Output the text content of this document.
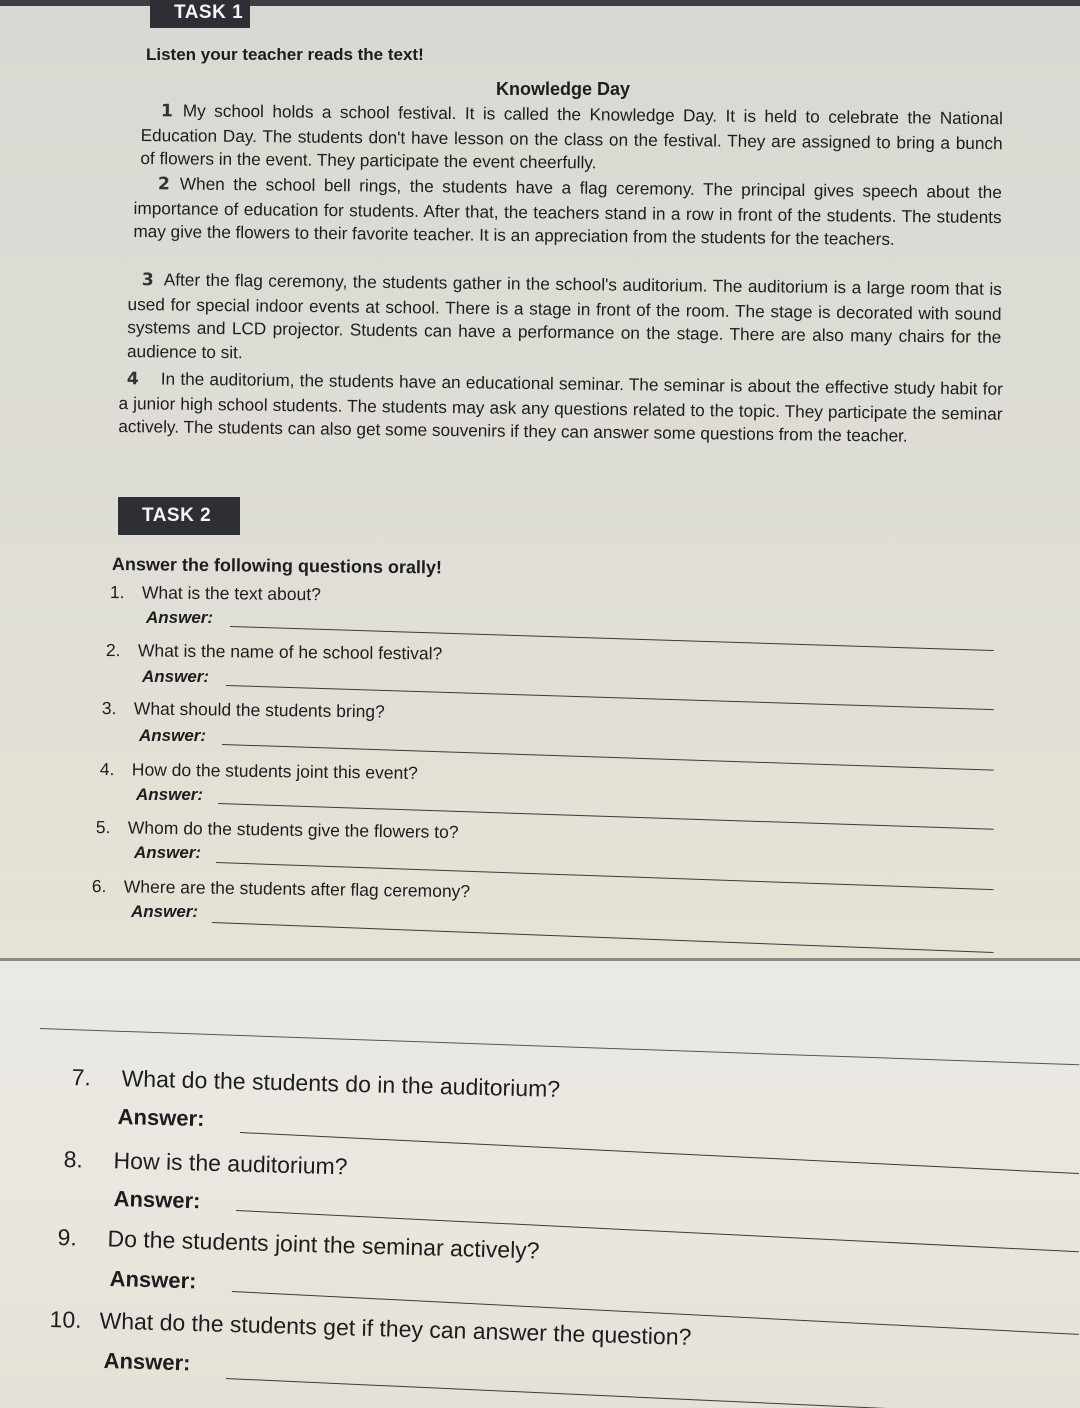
TASK 1
Listen your teacher reads the text!
Knowledge Day
1 My school holds a school festival. It is called the Knowledge Day. It is held to celebrate the National Education Day. The students don't have lesson on the class on the festival. They are assigned to bring a bunch of flowers in the event. They participate the event cheerfully.
2 When the school bell rings, the students have a flag ceremony. The principal gives speech about the importance of education for students. After that, the teachers stand in a row in front of the students. The students may give the flowers to their favorite teacher. It is an appreciation from the students for the teachers.
3 After the flag ceremony, the students gather in the school's auditorium. The auditorium is a large room that is used for special indoor events at school. There is a stage in front of the room. The stage is decorated with sound systems and LCD projector. Students can have a performance on the stage. There are also many chairs for the audience to sit.
4 In the auditorium, the students have an educational seminar. The seminar is about the effective study habit for a junior high school students. The students may ask any questions related to the topic. They participate the seminar actively. The students can also get some souvenirs if they can answer some questions from the teacher.
TASK 2
Answer the following questions orally!
1. What is the text about?
Answer:
2. What is the name of he school festival?
Answer:
3. What should the students bring?
Answer:
4. How do the students joint this event?
Answer:
5. Whom do the students give the flowers to?
Answer:
6. Where are the students after flag ceremony?
Answer:
7. What do the students do in the auditorium?
Answer:
8. How is the auditorium?
Answer:
9. Do the students joint the seminar actively?
Answer:
10. What do the students get if they can answer the question?
Answer:
